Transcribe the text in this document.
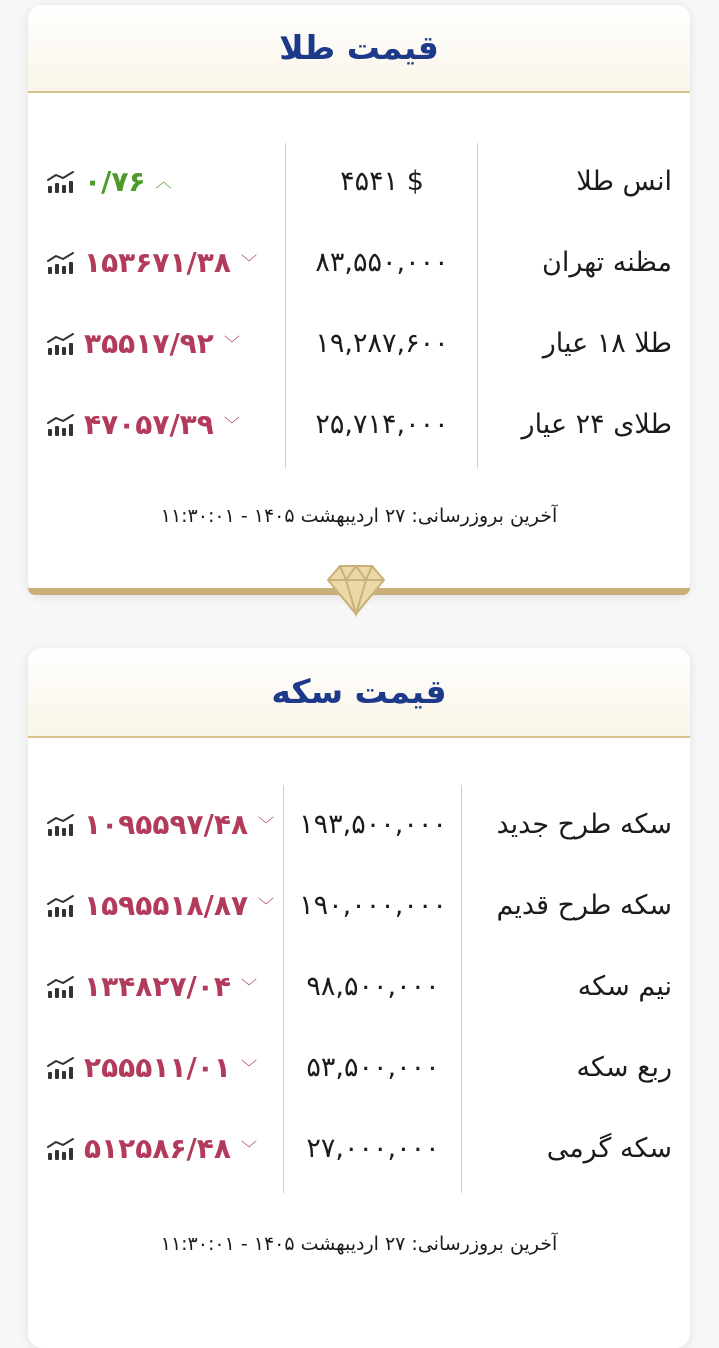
قیمت طلا
انس طلا
۴۵۴۱ $
۰/۷۶ ︿
مظنه تهران
۸۳,۵۵۰,۰۰۰
۱۵۳۶۷۱/۳۸ ﹀
طلا ۱۸ عیار
۱۹,۲۸۷,۶۰۰
۳۵۵۱۷/۹۲ ﹀
طلای ۲۴ عیار
۲۵,۷۱۴,۰۰۰
۴۷۰۵۷/۳۹ ﹀
آخرین بروزرسانی: ۲۷ اردیبهشت ۱۴۰۵ - ۱۱:۳۰:۰۱
قیمت سکه
سکه طرح جدید
۱۹۳,۵۰۰,۰۰۰
۱۰۹۵۵۹۷/۴۸ ﹀
سکه طرح قدیم
۱۹۰,۰۰۰,۰۰۰
۱۵۹۵۵۱۸/۸۷ ﹀
نیم سکه
۹۸,۵۰۰,۰۰۰
۱۳۴۸۲۷/۰۴ ﹀
ربع سکه
۵۳,۵۰۰,۰۰۰
۲۵۵۵۱۱/۰۱ ﹀
سکه گرمی
۲۷,۰۰۰,۰۰۰
۵۱۲۵۸۶/۴۸ ﹀
آخرین بروزرسانی: ۲۷ اردیبهشت ۱۴۰۵ - ۱۱:۳۰:۰۱
